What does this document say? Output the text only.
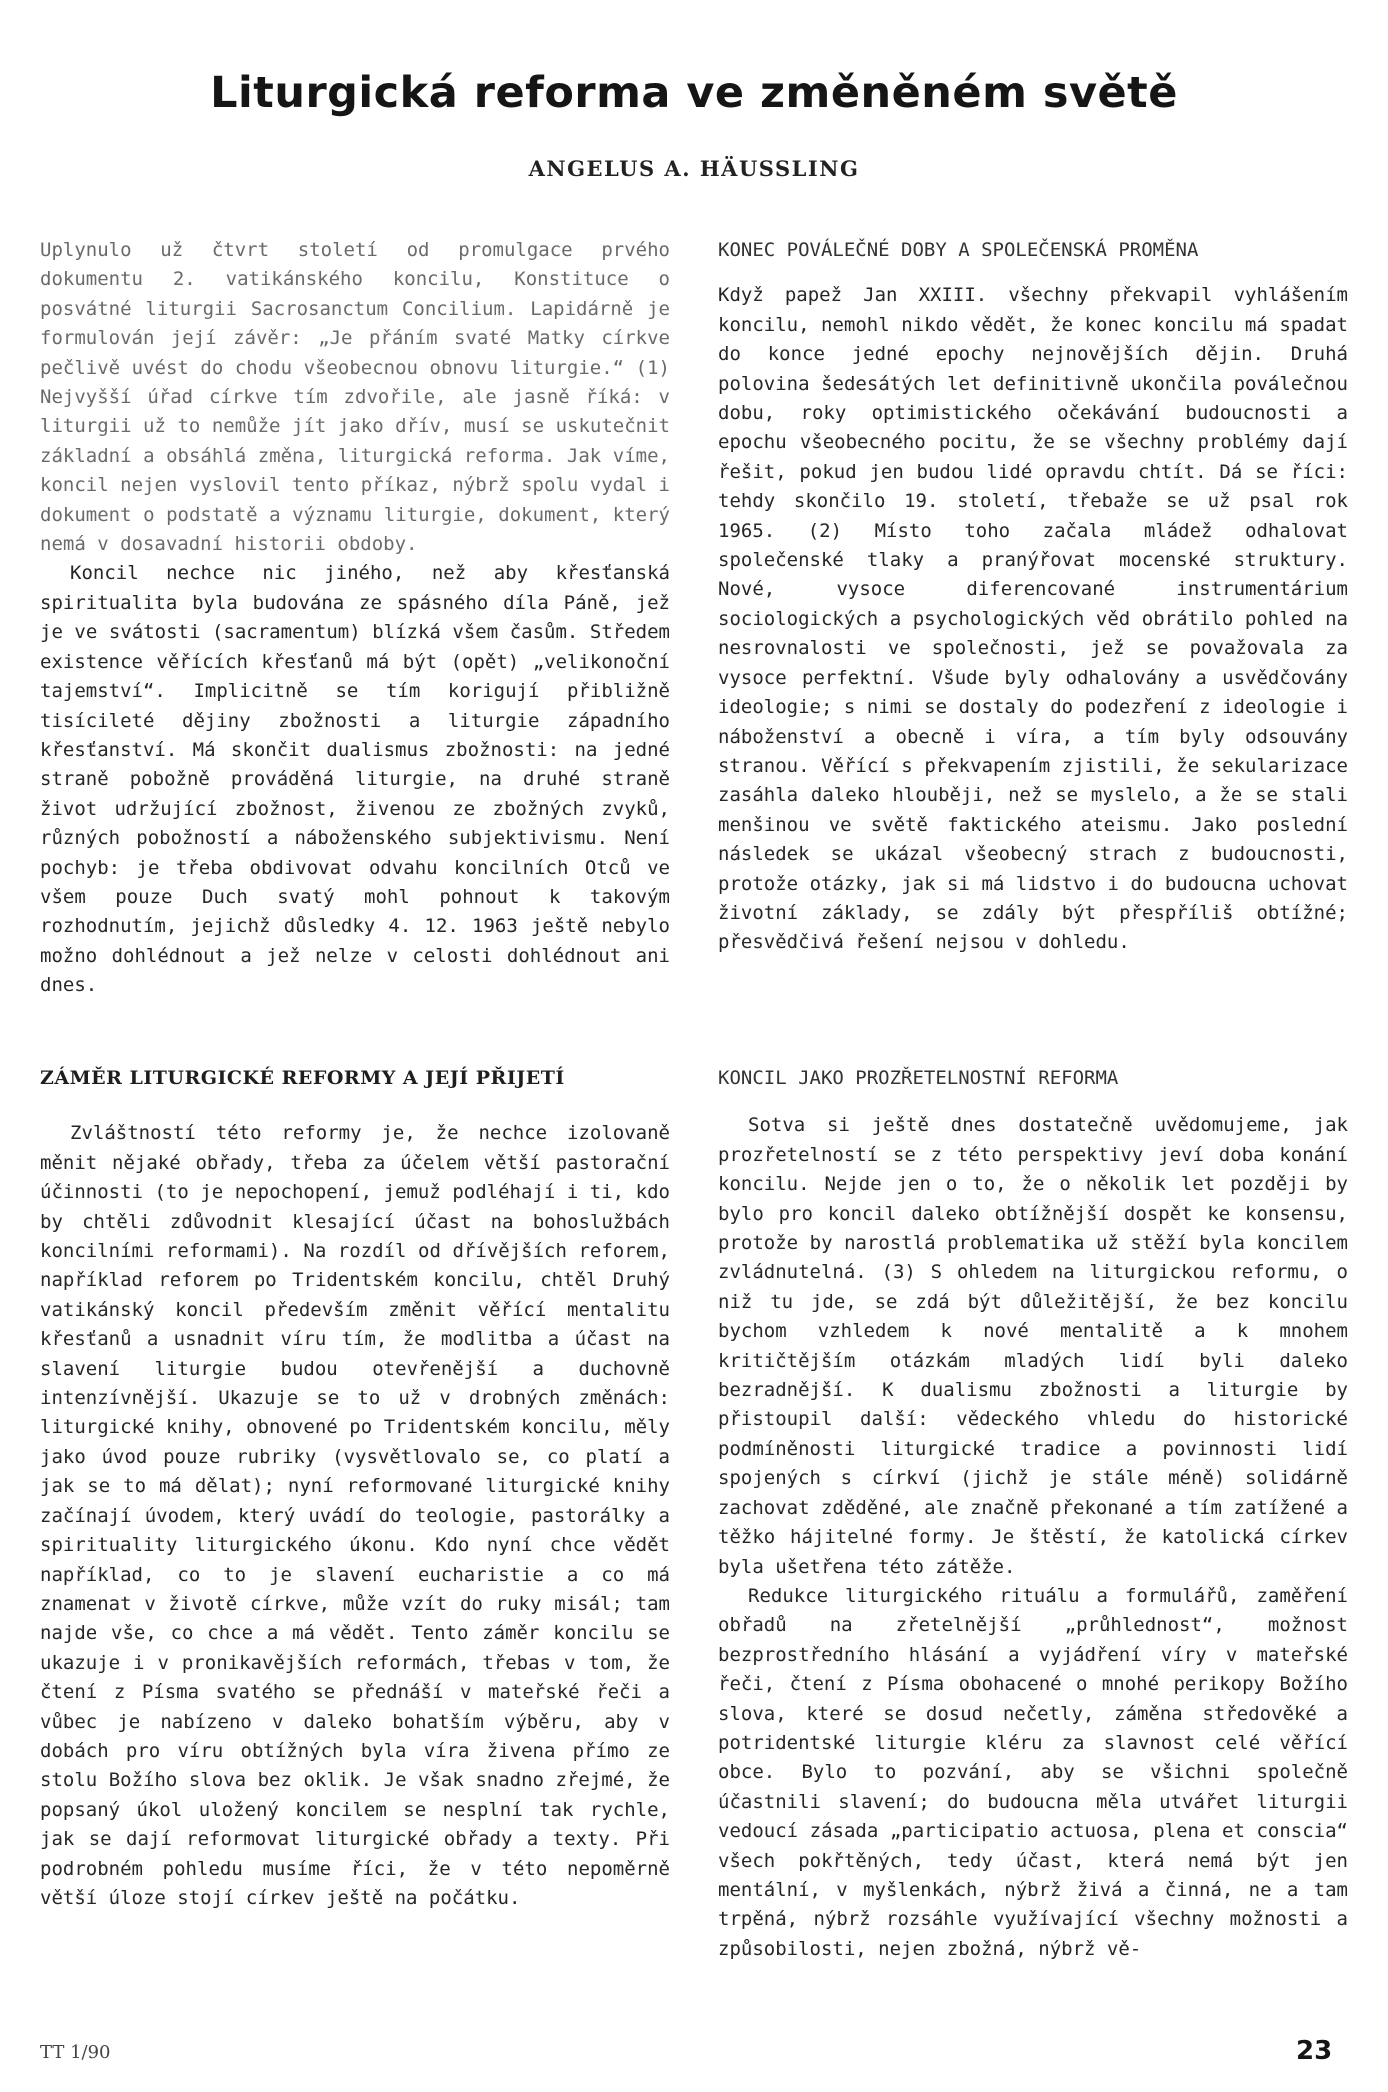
Liturgická reforma ve změněném světě
ANGELUS A. HÄUSSLING

Uplynulo už čtvrt století od promulgace prvého dokumentu 2. vatikánského koncilu, Konstituce o posvátné liturgii Sacrosanctum Concilium. Lapidárně je formulován její závěr: „Je přáním svaté Matky církve pečlivě uvést do chodu všeobecnou obnovu liturgie.“ (1) Nejvyšší úřad církve tím zdvořile, ale jasně říká: v liturgii už to nemůže jít jako dřív, musí se uskutečnit základní a obsáhlá změna, liturgická reforma. Jak víme, koncil nejen vyslovil tento příkaz, nýbrž spolu vydal i dokument o podstatě a významu liturgie, dokument, který nemá v dosavadní historii obdoby.

Koncil nechce nic jiného, než aby křesťanská spiritualita byla budována ze spásného díla Páně, jež je ve svátosti (sacramentum) blízká všem časům. Středem existence věřících křesťanů má být (opět) „velikonoční tajemství“. Implicitně se tím korigují přibližně tisícileté dějiny zbožnosti a liturgie západního křesťanství. Má skončit dualismus zbožnosti: na jedné straně pobožně prováděná liturgie, na druhé straně život udržující zbožnost, živenou ze zbožných zvyků, různých pobožností a náboženského subjektivismu. Není pochyb: je třeba obdivovat odvahu koncilních Otců ve všem pouze Duch svatý mohl pohnout k takovým rozhodnutím, jejichž důsledky 4. 12. 1963 ještě nebylo možno dohlédnout a jež nelze v celosti dohlédnout ani dnes.

ZÁMĚR LITURGICKÉ REFORMY A JEJÍ PŘIJETÍ

Zvláštností této reformy je, že nechce izolovaně měnit nějaké obřady, třeba za účelem větší pastorační účinnosti (to je nepochopení, jemuž podléhají i ti, kdo by chtěli zdůvodnit klesající účast na bohoslužbách koncilními reformami). Na rozdíl od dřívějších reforem, například reforem po Tridentském koncilu, chtěl Druhý vatikánský koncil především změnit věřící mentalitu křesťanů a usnadnit víru tím, že modlitba a účast na slavení liturgie budou otevřenější a duchovně intenzívnější. Ukazuje se to už v drobných změnách: liturgické knihy, obnovené po Tridentském koncilu, měly jako úvod pouze rubriky (vysvětlovalo se, co platí a jak se to má dělat); nyní reformované liturgické knihy začínají úvodem, který uvádí do teologie, pastorálky a spirituality liturgického úkonu. Kdo nyní chce vědět například, co to je slavení eucharistie a co má znamenat v životě církve, může vzít do ruky misál; tam najde vše, co chce a má vědět. Tento záměr koncilu se ukazuje i v pronikavějších reformách, třebas v tom, že čtení z Písma svatého se přednáší v mateřské řeči a vůbec je nabízeno v daleko bohatším výběru, aby v dobách pro víru obtížných byla víra živena přímo ze stolu Božího slova bez oklik. Je však snadno zřejmé, že popsaný úkol uložený koncilem se nesplní tak rychle, jak se dají reformovat liturgické obřady a texty. Při podrobném pohledu musíme říci, že v této nepoměrně větší úloze stojí církev ještě na počátku.

KONEC POVÁLEČNÉ DOBY A SPOLEČENSKÁ PROMĚNA

Když papež Jan XXIII. všechny překvapil vyhlášením koncilu, nemohl nikdo vědět, že konec koncilu má spadat do konce jedné epochy nejnovějších dějin. Druhá polovina šedesátých let definitivně ukončila poválečnou dobu, roky optimistického očekávání budoucnosti a epochu všeobecného pocitu, že se všechny problémy dají řešit, pokud jen budou lidé opravdu chtít. Dá se říci: tehdy skončilo 19. století, třebaže se už psal rok 1965. (2) Místo toho začala mládež odhalovat společenské tlaky a pranýřovat mocenské struktury. Nové, vysoce diferencované instrumentárium sociologických a psychologických věd obrátilo pohled na nesrovnalosti ve společnosti, jež se považovala za vysoce perfektní. Všude byly odhalovány a usvědčovány ideologie; s nimi se dostaly do podezření z ideologie i náboženství a obecně i víra, a tím byly odsouvány stranou. Věřící s překvapením zjistili, že sekularizace zasáhla daleko hlouběji, než se myslelo, a že se stali menšinou ve světě faktického ateismu. Jako poslední následek se ukázal všeobecný strach z budoucnosti, protože otázky, jak si má lidstvo i do budoucna uchovat životní základy, se zdály být přespříliš obtížné; přesvědčivá řešení nejsou v dohledu.

KONCIL JAKO PROZŘETELNOSTNÍ REFORMA

Sotva si ještě dnes dostatečně uvědomujeme, jak prozřetelností se z této perspektivy jeví doba konání koncilu. Nejde jen o to, že o několik let později by bylo pro koncil daleko obtížnější dospět ke konsensu, protože by narostlá problematika už stěží byla koncilem zvládnutelná. (3) S ohledem na liturgickou reformu, o niž tu jde, se zdá být důležitější, že bez koncilu bychom vzhledem k nové mentalitě a k mnohem kritičtějším otázkám mladých lidí byli daleko bezradnější. K dualismu zbožnosti a liturgie by přistoupil další: vědeckého vhledu do historické podmíněnosti liturgické tradice a povinnosti lidí spojených s církví (jichž je stále méně) solidárně zachovat zděděné, ale značně překonané a tím zatížené a těžko hájitelné formy. Je štěstí, že katolická církev byla ušetřena této zátěže.

Redukce liturgického rituálu a formulářů, zaměření obřadů na zřetelnější „průhlednost“, možnost bezprostředního hlásání a vyjádření víry v mateřské řeči, čtení z Písma obohacené o mnohé perikopy Božího slova, které se dosud nečetly, záměna středověké a potridentské liturgie kléru za slavnost celé věřící obce. Bylo to pozvání, aby se všichni společně účastnili slavení; do budoucna měla utvářet liturgii vedoucí zásada „participatio actuosa, plena et conscia“ všech pokřtěných, tedy účast, která nemá být jen mentální, v myšlenkách, nýbrž živá a činná, ne a tam trpěná, nýbrž rozsáhle využívající všechny možnosti a způsobilosti, nejen zbožná, nýbrž vě-

TT 1/90	23
